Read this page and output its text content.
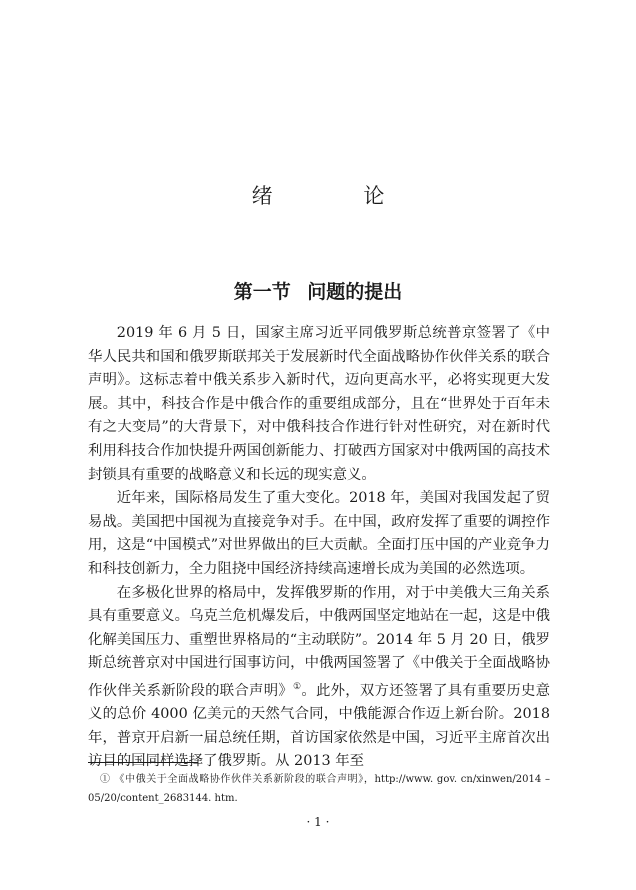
绪 论
第一节 问题的提出

2019 年 6 月 5 日，国家主席习近平同俄罗斯总统普京签署了《中华人民共和国和俄罗斯联邦关于发展新时代全面战略协作伙伴关系的联合声明》。这标志着中俄关系步入新时代，迈向更高水平，必将实现更大发展。其中，科技合作是中俄合作的重要组成部分，且在“世界处于百年未有之大变局”的大背景下，对中俄科技合作进行针对性研究，对在新时代利用科技合作加快提升两国创新能力、打破西方国家对中俄两国的高技术封锁具有重要的战略意义和长远的现实意义。

近年来，国际格局发生了重大变化。2018 年，美国对我国发起了贸易战。美国把中国视为直接竞争对手。在中国，政府发挥了重要的调控作用，这是“中国模式”对世界做出的巨大贡献。全面打压中国的产业竞争力和科技创新力，全力阻挠中国经济持续高速增长成为美国的必然选项。

在多极化世界的格局中，发挥俄罗斯的作用，对于中美俄大三角关系具有重要意义。乌克兰危机爆发后，中俄两国坚定地站在一起，这是中俄化解美国压力、重塑世界格局的“主动联防”。2014 年 5 月 20 日，俄罗斯总统普京对中国进行国事访问，中俄两国签署了《中俄关于全面战略协作伙伴关系新阶段的联合声明》①。此外，双方还签署了具有重要历史意义的总价 4000 亿美元的天然气合同，中俄能源合作迈上新台阶。2018 年，普京开启新一届总统任期，首访国家依然是中国，习近平主席首次出访目的国同样选择了俄罗斯。从 2013 年至

① 《中俄关于全面战略协作伙伴关系新阶段的联合声明》，http://www. gov. cn/xinwen/2014 – 05/20/content_2683144. htm.
· 1 ·
